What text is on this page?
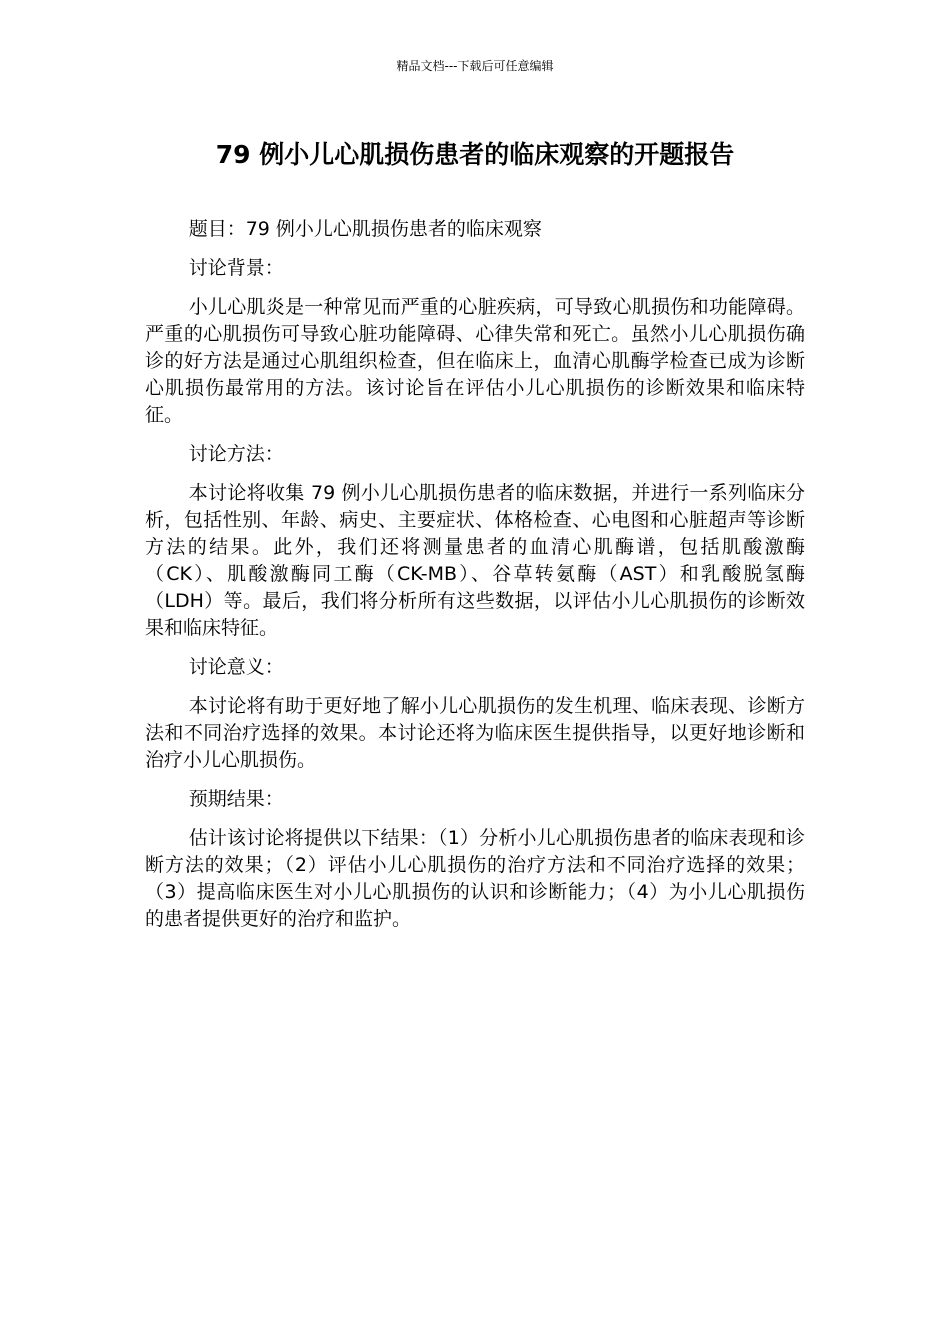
精品文档---下载后可任意编辑
79 例小儿心肌损伤患者的临床观察的开题报告

题目：79 例小儿心肌损伤患者的临床观察

讨论背景：

小儿心肌炎是一种常见而严重的心脏疾病，可导致心肌损伤和功能障碍。严重的心肌损伤可导致心脏功能障碍、心律失常和死亡。虽然小儿心肌损伤确诊的好方法是通过心肌组织检查，但在临床上，血清心肌酶学检查已成为诊断心肌损伤最常用的方法。该讨论旨在评估小儿心肌损伤的诊断效果和临床特征。

讨论方法：

本讨论将收集 79 例小儿心肌损伤患者的临床数据，并进行一系列临床分析，包括性别、年龄、病史、主要症状、体格检查、心电图和心脏超声等诊断方法的结果。此外，我们还将测量患者的血清心肌酶谱，包括肌酸激酶（CK）、肌酸激酶同工酶（CK-MB）、谷草转氨酶（AST）和乳酸脱氢酶（LDH）等。最后，我们将分析所有这些数据，以评估小儿心肌损伤的诊断效果和临床特征。

讨论意义：

本讨论将有助于更好地了解小儿心肌损伤的发生机理、临床表现、诊断方法和不同治疗选择的效果。本讨论还将为临床医生提供指导，以更好地诊断和治疗小儿心肌损伤。

预期结果：

估计该讨论将提供以下结果：（1）分析小儿心肌损伤患者的临床表现和诊断方法的效果；（2）评估小儿心肌损伤的治疗方法和不同治疗选择的效果；（3）提高临床医生对小儿心肌损伤的认识和诊断能力；（4）为小儿心肌损伤的患者提供更好的治疗和监护。
